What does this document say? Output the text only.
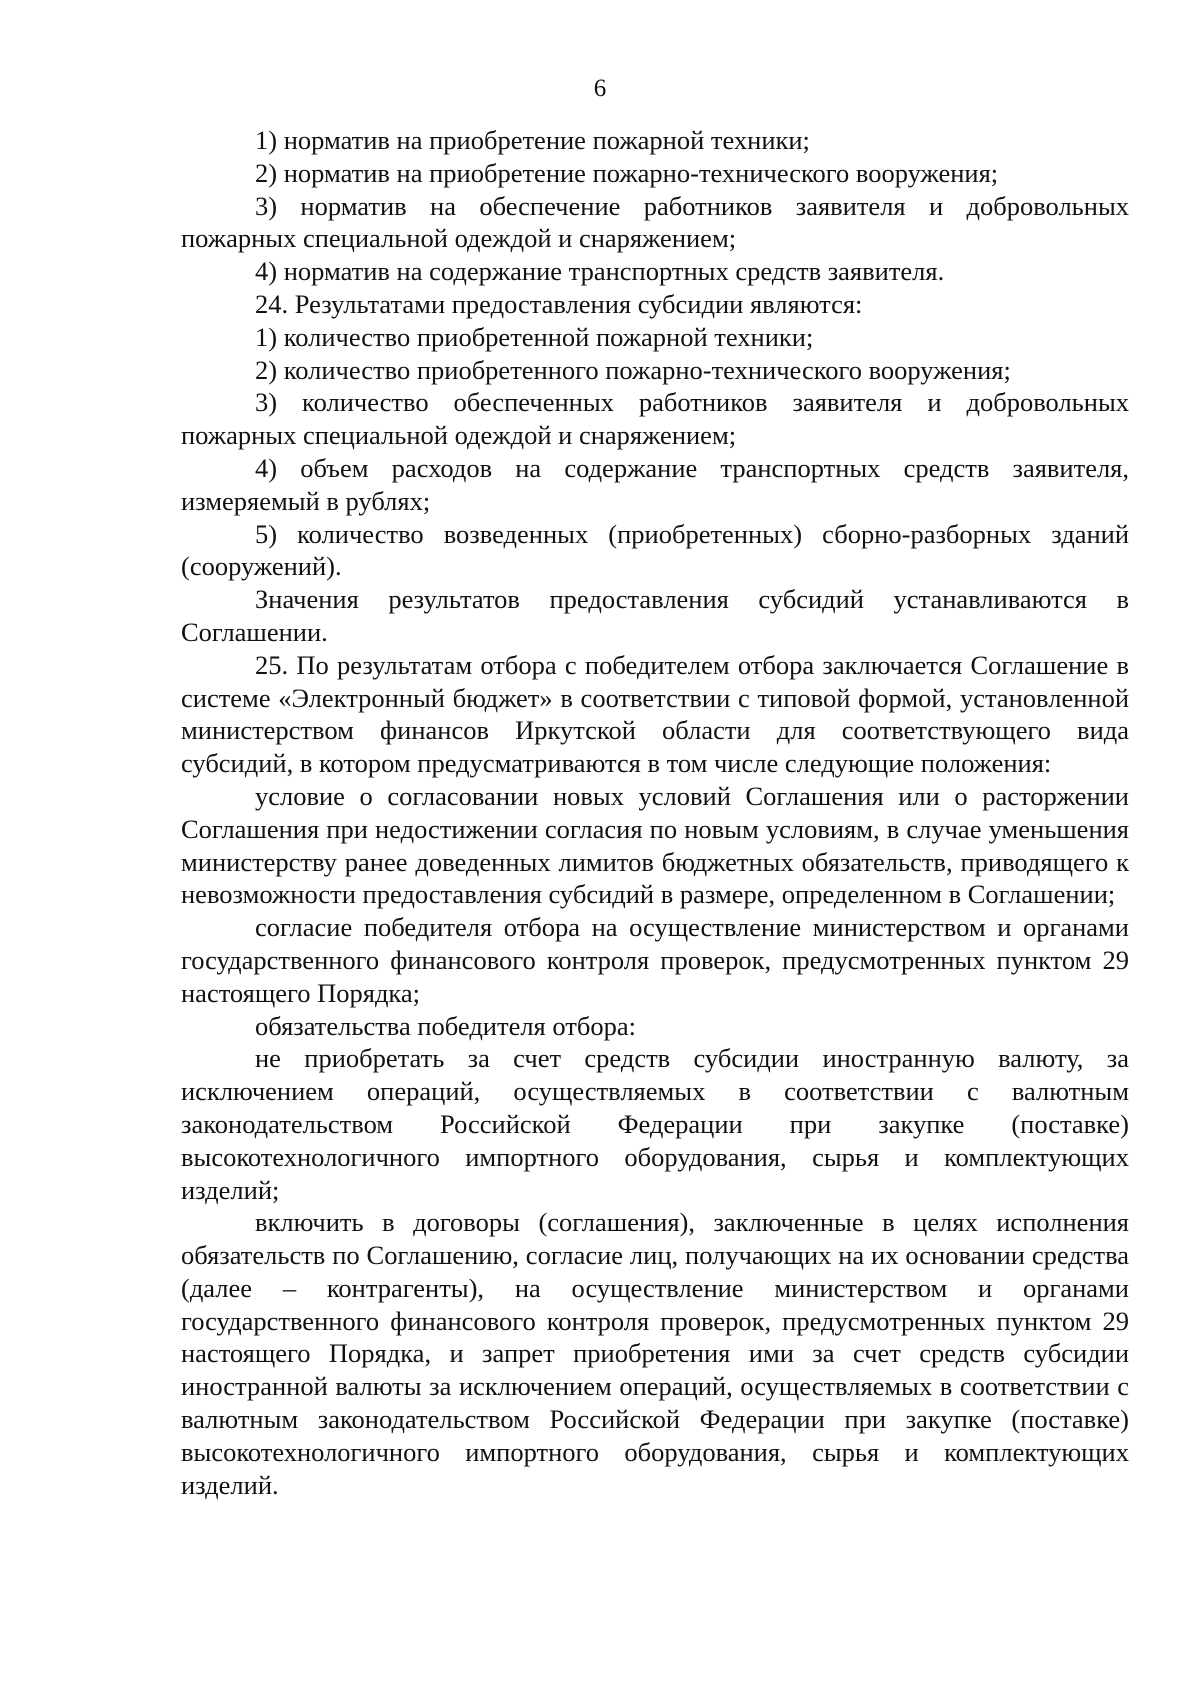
6

1) норматив на приобретение пожарной техники;

2) норматив на приобретение пожарно-технического вооружения;

3) норматив на обеспечение работников заявителя и добровольных пожарных специальной одеждой и снаряжением;

4) норматив на содержание транспортных средств заявителя.

24. Результатами предоставления субсидии являются:

1) количество приобретенной пожарной техники;

2) количество приобретенного пожарно-технического вооружения;

3) количество обеспеченных работников заявителя и добровольных пожарных специальной одеждой и снаряжением;

4) объем расходов на содержание транспортных средств заявителя, измеряемый в рублях;

5) количество возведенных (приобретенных) сборно-разборных зданий (сооружений).

Значения результатов предоставления субсидий устанавливаются в Соглашении.

25. По результатам отбора с победителем отбора заключается Соглашение в системе «Электронный бюджет» в соответствии с типовой формой, установленной министерством финансов Иркутской области для соответствующего вида субсидий, в котором предусматриваются в том числе следующие положения:

условие о согласовании новых условий Соглашения или о расторжении Соглашения при недостижении согласия по новым условиям, в случае уменьшения министерству ранее доведенных лимитов бюджетных обязательств, приводящего к невозможности предоставления субсидий в размере, определенном в Соглашении;

согласие победителя отбора на осуществление министерством и органами государственного финансового контроля проверок, предусмотренных пунктом 29 настоящего Порядка;

обязательства победителя отбора:

не приобретать за счет средств субсидии иностранную валюту, за исключением операций, осуществляемых в соответствии с валютным законодательством Российской Федерации при закупке (поставке) высокотехнологичного импортного оборудования, сырья и комплектующих изделий;

включить в договоры (соглашения), заключенные в целях исполнения обязательств по Соглашению, согласие лиц, получающих на их основании средства (далее – контрагенты), на осуществление министерством и органами государственного финансового контроля проверок, предусмотренных пунктом 29 настоящего Порядка, и запрет приобретения ими за счет средств субсидии иностранной валюты за исключением операций, осуществляемых в соответствии с валютным законодательством Российской Федерации при закупке (поставке) высокотехнологичного импортного оборудования, сырья и комплектующих изделий.
